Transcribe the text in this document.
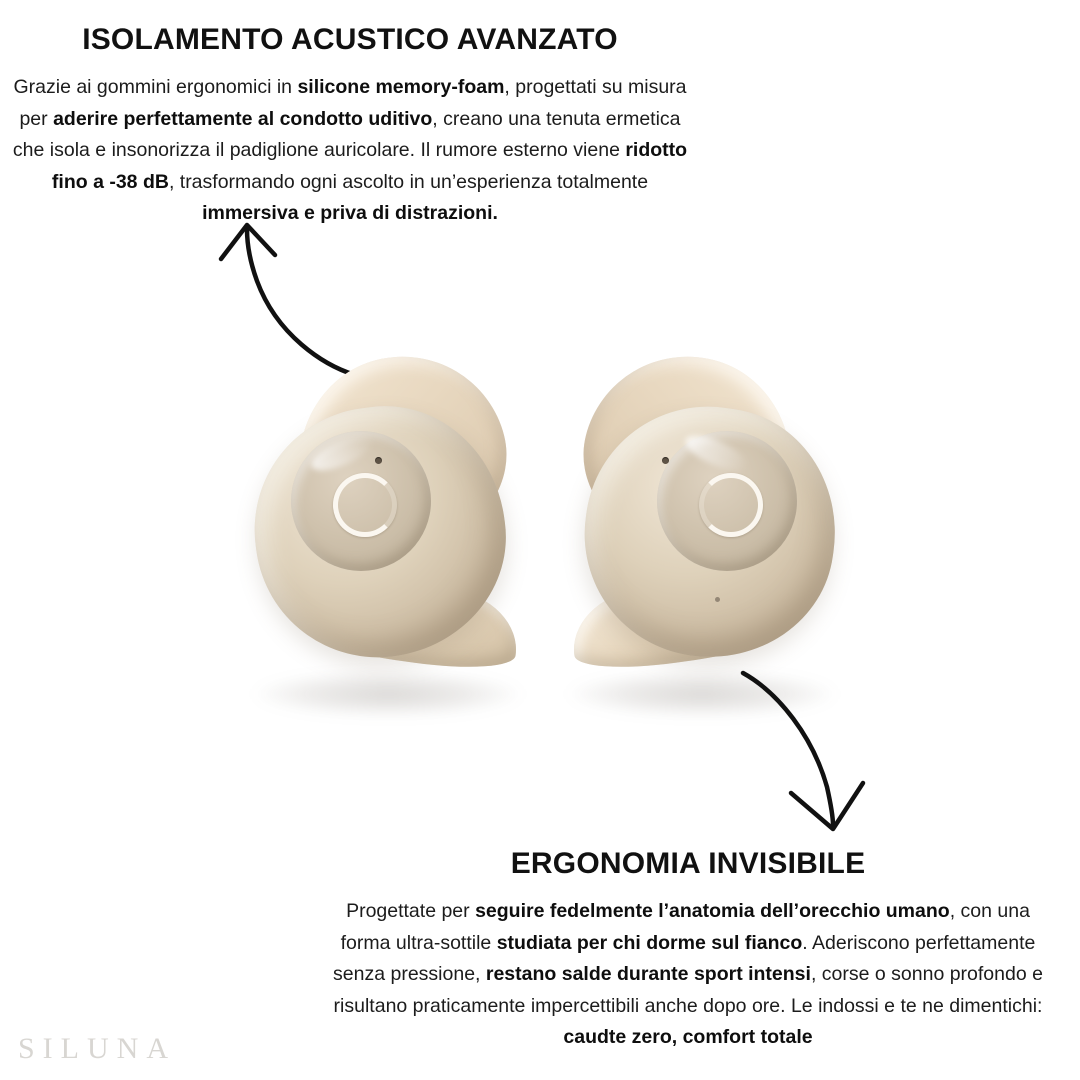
ISOLAMENTO ACUSTICO AVANZATO

Grazie ai gommini ergonomici in silicone memory-foam, progettati su misura per aderire perfettamente al condotto uditivo, creano una tenuta ermetica che isola e insonorizza il padiglione auricolare. Il rumore esterno viene ridotto fino a -38 dB, trasformando ogni ascolto in un’esperienza totalmente immersiva e priva di distrazioni.

ERGONOMIA INVISIBILE

Progettate per seguire fedelmente l’anatomia dell’orecchio umano, con una forma ultra-sottile studiata per chi dorme sul fianco. Aderiscono perfettamente senza pressione, restano salde durante sport intensi, corse o sonno profondo e risultano praticamente impercettibili anche dopo ore. Le indossi e te ne dimentichi: caudte zero, comfort totale

SILUNA
